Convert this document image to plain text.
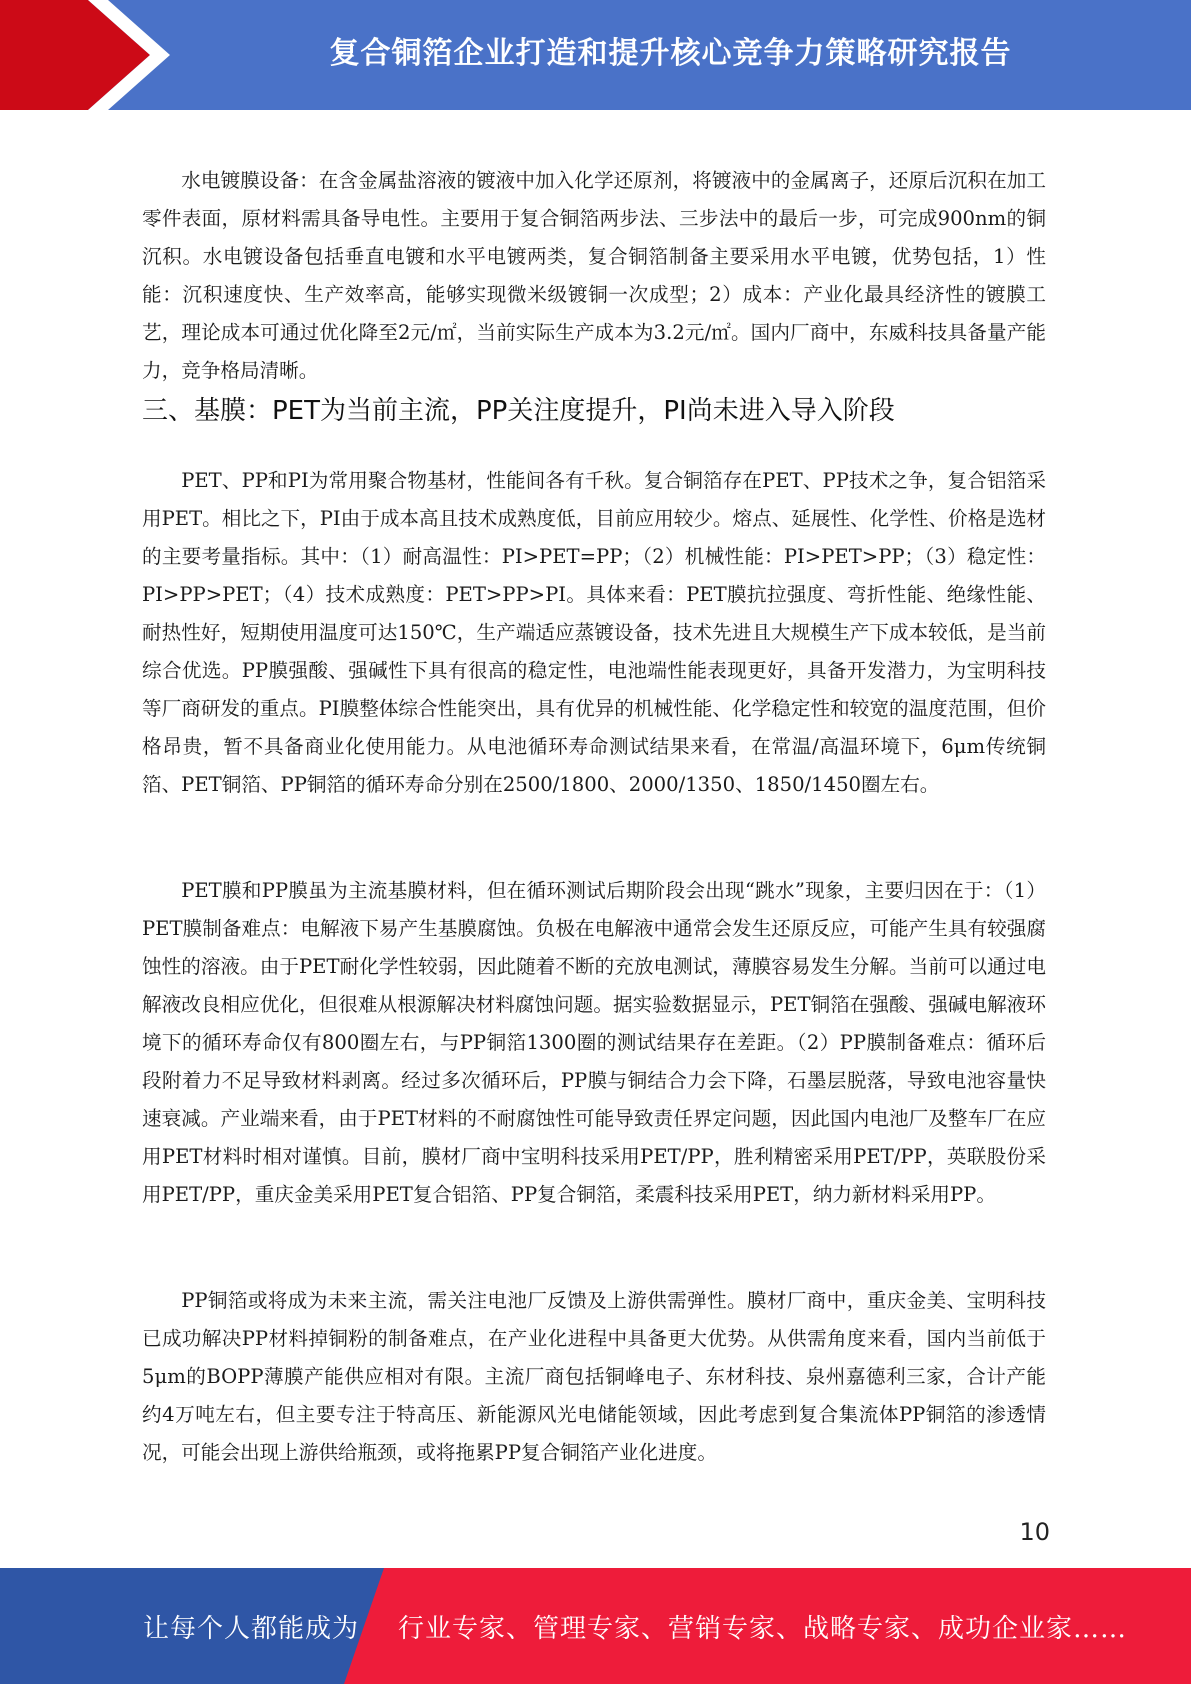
复合铜箔企业打造和提升核心竞争力策略研究报告

水电镀膜设备：在含金属盐溶液的镀液中加入化学还原剂，将镀液中的金属离子，还原后沉积在加工零件表面，原材料需具备导电性。主要用于复合铜箔两步法、三步法中的最后一步，可完成900nm的铜沉积。水电镀设备包括垂直电镀和水平电镀两类，复合铜箔制备主要采用水平电镀，优势包括，1）性能：沉积速度快、生产效率高，能够实现微米级镀铜一次成型；2）成本：产业化最具经济性的镀膜工艺，理论成本可通过优化降至2元/㎡，当前实际生产成本为3.2元/㎡。国内厂商中，东威科技具备量产能力，竞争格局清晰。

三、基膜：PET为当前主流，PP关注度提升，PI尚未进入导入阶段

PET、PP和PI为常用聚合物基材，性能间各有千秋。复合铜箔存在PET、PP技术之争，复合铝箔采用PET。相比之下，PI由于成本高且技术成熟度低，目前应用较少。熔点、延展性、化学性、价格是选材的主要考量指标。其中：（1）耐高温性：PI>PET=PP；（2）机械性能：PI>PET>PP；（3）稳定性：PI>PP>PET；（4）技术成熟度：PET>PP>PI。具体来看：PET膜抗拉强度、弯折性能、绝缘性能、耐热性好，短期使用温度可达150℃，生产端适应蒸镀设备，技术先进且大规模生产下成本较低，是当前综合优选。PP膜强酸、强碱性下具有很高的稳定性，电池端性能表现更好，具备开发潜力，为宝明科技等厂商研发的重点。PI膜整体综合性能突出，具有优异的机械性能、化学稳定性和较宽的温度范围，但价格昂贵，暂不具备商业化使用能力。从电池循环寿命测试结果来看，在常温/高温环境下，6μm传统铜箔、PET铜箔、PP铜箔的循环寿命分别在2500/1800、2000/1350、1850/1450圈左右。

PET膜和PP膜虽为主流基膜材料，但在循环测试后期阶段会出现“跳水”现象，主要归因在于：（1）PET膜制备难点：电解液下易产生基膜腐蚀。负极在电解液中通常会发生还原反应，可能产生具有较强腐蚀性的溶液。由于PET耐化学性较弱，因此随着不断的充放电测试，薄膜容易发生分解。当前可以通过电解液改良相应优化，但很难从根源解决材料腐蚀问题。据实验数据显示，PET铜箔在强酸、强碱电解液环境下的循环寿命仅有800圈左右，与PP铜箔1300圈的测试结果存在差距。（2）PP膜制备难点：循环后段附着力不足导致材料剥离。经过多次循环后，PP膜与铜结合力会下降，石墨层脱落，导致电池容量快速衰减。产业端来看，由于PET材料的不耐腐蚀性可能导致责任界定问题，因此国内电池厂及整车厂在应用PET材料时相对谨慎。目前，膜材厂商中宝明科技采用PET/PP，胜利精密采用PET/PP，英联股份采用PET/PP，重庆金美采用PET复合铝箔、PP复合铜箔，柔震科技采用PET，纳力新材料采用PP。

PP铜箔或将成为未来主流，需关注电池厂反馈及上游供需弹性。膜材厂商中，重庆金美、宝明科技已成功解决PP材料掉铜粉的制备难点，在产业化进程中具备更大优势。从供需角度来看，国内当前低于5μm的BOPP薄膜产能供应相对有限。主流厂商包括铜峰电子、东材科技、泉州嘉德利三家，合计产能约4万吨左右，但主要专注于特高压、新能源风光电储能领域，因此考虑到复合集流体PP铜箔的渗透情况，可能会出现上游供给瓶颈，或将拖累PP复合铜箔产业化进度。

10
让每个人都能成为 行业专家、管理专家、营销专家、战略专家、成功企业家……
